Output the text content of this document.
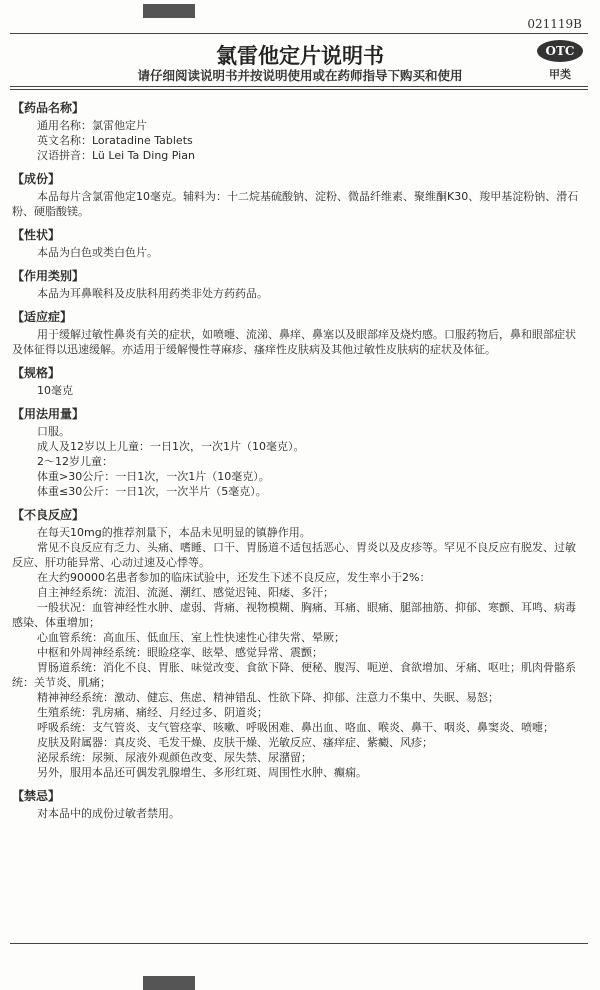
021119B
氯雷他定片说明书
请仔细阅读说明书并按说明使用或在药师指导下购买和使用
OTC
甲类
【药品名称】
通用名称：氯雷他定片
英文名称：Loratadine Tablets
汉语拼音：Lü Lei Ta Ding Pian
【成份】
本品每片含氯雷他定10毫克。辅料为：十二烷基硫酸钠、淀粉、微晶纤维素、聚维酮K30、羧甲基淀粉钠、滑石粉、硬脂酸镁。
【性状】
本品为白色或类白色片。
【作用类别】
本品为耳鼻喉科及皮肤科用药类非处方药药品。
【适应症】
用于缓解过敏性鼻炎有关的症状，如喷嚏、流涕、鼻痒、鼻塞以及眼部痒及烧灼感。口服药物后，鼻和眼部症状及体征得以迅速缓解。亦适用于缓解慢性荨麻疹、瘙痒性皮肤病及其他过敏性皮肤病的症状及体征。
【规格】
10毫克
【用法用量】
口服。
成人及12岁以上儿童：一日1次，一次1片（10毫克）。
2～12岁儿童：
体重>30公斤：一日1次，一次1片（10毫克）。
体重≤30公斤：一日1次，一次半片（5毫克）。
【不良反应】
在每天10mg的推荐剂量下，本品未见明显的镇静作用。
常见不良反应有乏力、头痛、嗜睡、口干、胃肠道不适包括恶心、胃炎以及皮疹等。罕见不良反应有脱发、过敏反应、肝功能异常、心动过速及心悸等。
在大约90000名患者参加的临床试验中，还发生下述不良反应，发生率小于2%：
自主神经系统：流泪、流涎、潮红、感觉迟钝、阳痿、多汗；
一般状况：血管神经性水肿、虚弱、背痛、视物模糊、胸痛、耳痛、眼痛、腿部抽筋、抑郁、寒颤、耳鸣、病毒感染、体重增加；
心血管系统：高血压、低血压、室上性快速性心律失常、晕厥；
中枢和外周神经系统：眼睑痉挛、眩晕、感觉异常、震颤；
胃肠道系统：消化不良、胃胀、味觉改变、食欲下降、便秘、腹泻、呃逆、食欲增加、牙痛、呕吐；肌肉骨骼系统：关节炎、肌痛；
精神神经系统：激动、健忘、焦虑、精神错乱、性欲下降、抑郁、注意力不集中、失眠、易怒；
生殖系统：乳房痛、痛经、月经过多、阴道炎；
呼吸系统：支气管炎、支气管痉挛、咳嗽、呼吸困难、鼻出血、咯血、喉炎、鼻干、咽炎、鼻窦炎、喷嚏；
皮肤及附属器：真皮炎、毛发干燥、皮肤干燥、光敏反应、瘙痒症、紫癜、风疹；
泌尿系统：尿频、尿液外观颜色改变、尿失禁、尿潴留；
另外，服用本品还可偶发乳腺增生、多形红斑、周围性水肿、癫痫。
【禁忌】
对本品中的成份过敏者禁用。
